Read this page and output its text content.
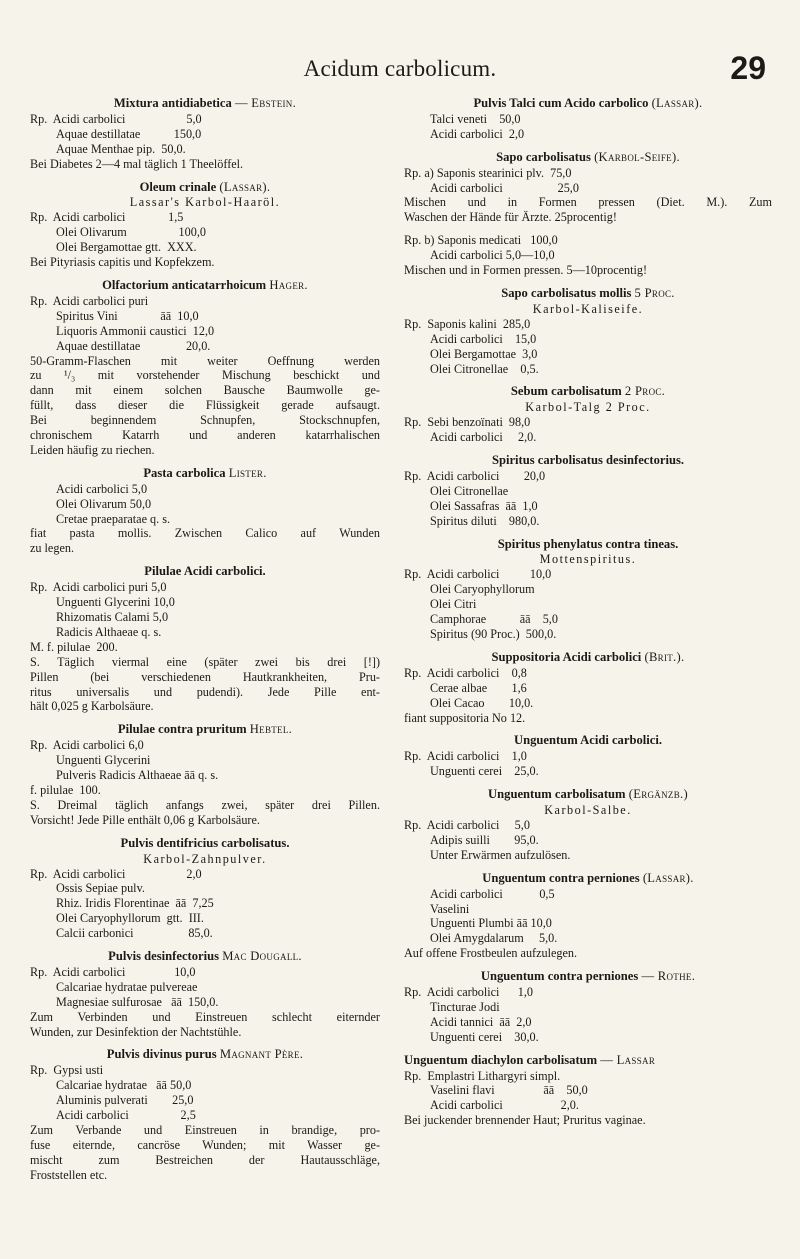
Acidum carbolicum.	29
Mixtura antidiabetica — Ebstein.
Rp.  Acidi carbolici                    5,0
Aquae destillatae           150,0
Aquae Menthae pip.  50,0.
Bei Diabetes 2—4 mal täglich 1 Theelöffel.
Oleum crinale (Lassar).
Lassar's Karbol-Haaröl.
Rp.  Acidi carbolici              1,5
Olei Olivarum                 100,0
Olei Bergamottae gtt.  XXX.
Bei Pityriasis capitis und Kopfekzem.
Olfactorium anticatarrhoicum Hager.
Rp.  Acidi carbolici puri
Spiritus Vini              āā  10,0
Liquoris Ammonii caustici  12,0
Aquae destillatae               20,0.
50-Gramm-Flaschen mit weiter Oeffnung werden
zu ¹/₃ mit vorstehender Mischung beschickt und
dann mit einem solchen Bausche Baumwolle ge-
füllt, dass dieser die Flüssigkeit gerade aufsaugt.
Bei beginnendem Schnupfen, Stockschnupfen,
chronischem Katarrh und anderen katarrhalischen
Leiden häufig zu riechen.
Pasta carbolica Lister.
Acidi carbolici 5,0
Olei Olivarum 50,0
Cretae praeparatae q. s.
fiat pasta mollis. Zwischen Calico auf Wunden
zu legen.
Pilulae Acidi carbolici.
Rp.  Acidi carbolici puri 5,0
Unguenti Glycerini 10,0
Rhizomatis Calami 5,0
Radicis Althaeae q. s.
M. f. pilulae  200.
S. Täglich viermal eine (später zwei bis drei [!])
Pillen (bei verschiedenen Hautkrankheiten, Pru-
ritus universalis und pudendi). Jede Pille ent-
hält 0,025 g Karbolsäure.
Pilulae contra pruritum Hebtel.
Rp.  Acidi carbolici 6,0
Unguenti Glycerini
Pulveris Radicis Althaeae āā q. s.
f. pilulae  100.
S. Dreimal täglich anfangs zwei, später drei Pillen.
Vorsicht! Jede Pille enthält 0,06 g Karbolsäure.
Pulvis dentifricius carbolisatus.
Karbol-Zahnpulver.
Rp.  Acidi carbolici                    2,0
Ossis Sepiae pulv.
Rhiz. Iridis Florentinae  āā  7,25
Olei Caryophyllorum  gtt.  III.
Calcii carbonici                  85,0.
Pulvis desinfectorius Mac Dougall.
Rp.  Acidi carbolici                10,0
Calcariae hydratae pulvereae
Magnesiae sulfurosae   āā  150,0.
Zum Verbinden und Einstreuen schlecht eiternder
Wunden, zur Desinfektion der Nachtstühle.
Pulvis divinus purus Magnant Père.
Rp.  Gypsi usti
Calcariae hydratae   āā 50,0
Aluminis pulverati        25,0
Acidi carbolici                 2,5
Zum Verbande und Einstreuen in brandige, pro-
fuse eiternde, cancröse Wunden; mit Wasser ge-
mischt zum Bestreichen der Hautausschläge,
Froststellen etc.
Pulvis Talci cum Acido carbolico (Lassar).
Talci veneti    50,0
Acidi carbolici  2,0
Sapo carbolisatus (Karbol-Seife).
Rp. a) Saponis stearinici plv.  75,0
Acidi carbolici                  25,0
Mischen und in Formen pressen (Diet. M.). Zum
Waschen der Hände für Ärzte. 25procentig!
Rp. b) Saponis medicati   100,0
Acidi carbolici 5,0—10,0
Mischen und in Formen pressen. 5—10procentig!
Sapo carbolisatus mollis 5 Proc.
Karbol-Kaliseife.
Rp.  Saponis kalini  285,0
Acidi carbolici    15,0
Olei Bergamottae  3,0
Olei Citronellae    0,5.
Sebum carbolisatum 2 Proc.
Karbol-Talg 2 Proc.
Rp.  Sebi benzoïnati  98,0
Acidi carbolici     2,0.
Spiritus carbolisatus desinfectorius.
Rp.  Acidi carbolici        20,0
Olei Citronellae
Olei Sassafras  āā  1,0
Spiritus diluti    980,0.
Spiritus phenylatus contra tineas.
Mottenspiritus.
Rp.  Acidi carbolici          10,0
Olei Caryophyllorum
Olei Citri
Camphorae           āā    5,0
Spiritus (90 Proc.)  500,0.
Suppositoria Acidi carbolici (Brit.).
Rp.  Acidi carbolici    0,8
Cerae albae        1,6
Olei Cacao        10,0.
fiant suppositoria No 12.
Unguentum Acidi carbolici.
Rp.  Acidi carbolici    1,0
Unguenti cerei    25,0.
Unguentum carbolisatum (Ergänzb.)
Karbol-Salbe.
Rp.  Acidi carbolici     5,0
Adipis suilli        95,0.
Unter Erwärmen aufzulösen.
Unguentum contra perniones (Lassar).
Acidi carbolici            0,5
Vaselini
Unguenti Plumbi āā 10,0
Olei Amygdalarum     5,0.
Auf offene Frostbeulen aufzulegen.
Unguentum contra perniones — Rothe.
Rp.  Acidi carbolici      1,0
Tincturae Jodi
Acidi tannici  āā  2,0
Unguenti cerei    30,0.
Unguentum diachylon carbolisatum — Lassar
Rp.  Emplastri Lithargyri simpl.
Vaselini flavi                āā    50,0
Acidi carbolici                   2,0.
Bei juckender brennender Haut; Pruritus vaginae.
